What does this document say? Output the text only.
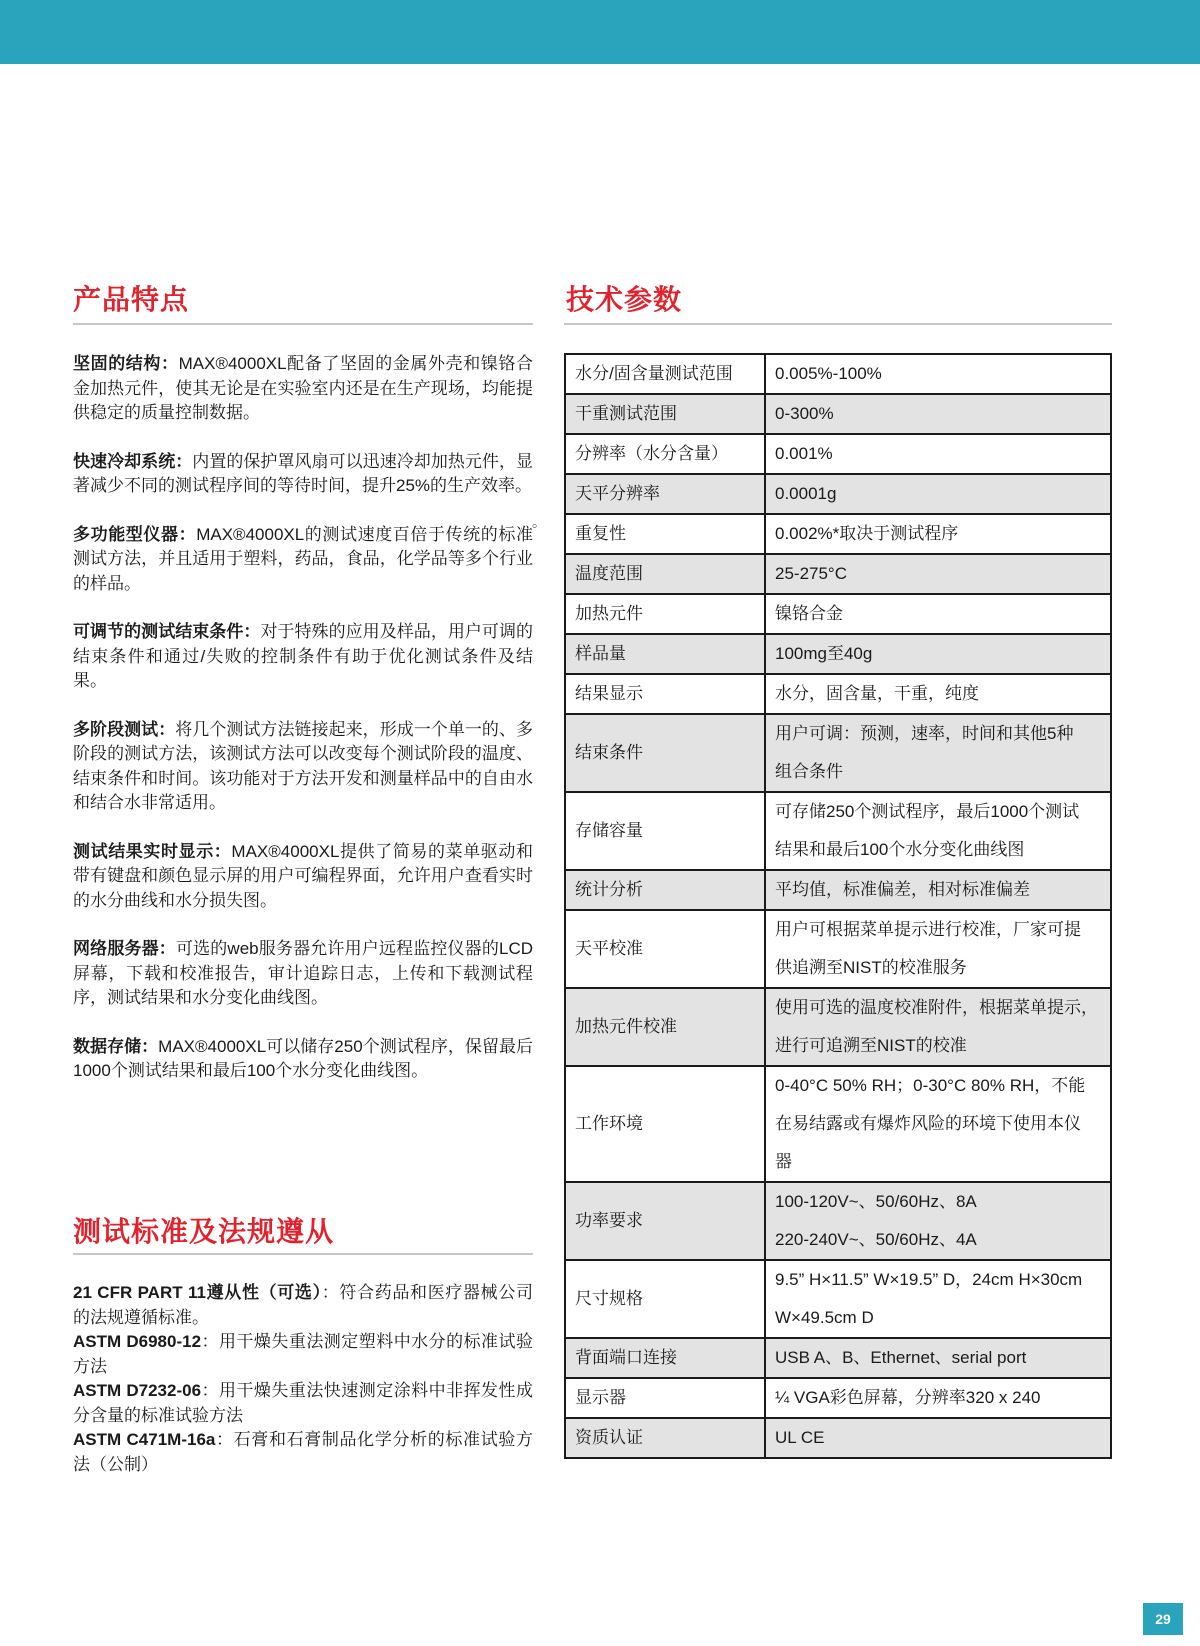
产品特点
坚固的结构：MAX®4000XL配备了坚固的金属外壳和镍铬合金加热元件，使其无论是在实验室内还是在生产现场，均能提供稳定的质量控制数据。
快速冷却系统：内置的保护罩风扇可以迅速冷却加热元件，显著减少不同的测试程序间的等待时间，提升25%的生产效率。
多功能型仪器：MAX®4000XL的测试速度百倍于传统的标准测试方法，并且适用于塑料，药品，食品，化学品等多个行业的样品。
可调节的测试结束条件：对于特殊的应用及样品，用户可调的结束条件和通过/失败的控制条件有助于优化测试条件及结果。
多阶段测试：将几个测试方法链接起来，形成一个单一的、多阶段的测试方法，该测试方法可以改变每个测试阶段的温度、结束条件和时间。该功能对于方法开发和测量样品中的自由水和结合水非常适用。
测试结果实时显示：MAX®4000XL提供了简易的菜单驱动和带有键盘和颜色显示屏的用户可编程界面，允许用户查看实时的水分曲线和水分损失图。
网络服务器：可选的web服务器允许用户远程监控仪器的LCD屏幕，下载和校准报告，审计追踪日志，上传和下载测试程序，测试结果和水分变化曲线图。
数据存储：MAX®4000XL可以储存250个测试程序，保留最后1000个测试结果和最后100个水分变化曲线图。
。
测试标准及法规遵从
21 CFR PART 11遵从性（可选）：符合药品和医疗器械公司的法规遵循标准。
ASTM D6980-12：用干燥失重法测定塑料中水分的标准试验方法
ASTM D7232-06：用干燥失重法快速测定涂料中非挥发性成分含量的标准试验方法
ASTM C471M-16a：石膏和石膏制品化学分析的标准试验方法（公制）
技术参数
水分/固含量测试范围	0.005%-100%
干重测试范围	0-300%
分辨率（水分含量）	0.001%
天平分辨率	0.0001g
重复性	0.002%*取决于测试程序
温度范围	25-275°C
加热元件	镍铬合金
样品量	100mg至40g
结果显示	水分，固含量，干重，纯度
结束条件	用户可调：预测，速率，时间和其他5种
组合条件
存储容量	可存储250个测试程序，最后1000个测试
结果和最后100个水分变化曲线图
统计分析	平均值，标准偏差，相对标准偏差
天平校准	用户可根据菜单提示进行校准，厂家可提
供追溯至NIST的校准服务
加热元件校准	使用可选的温度校准附件，根据菜单提示，
进行可追溯至NIST的校准
工作环境	0-40°C 50% RH；0-30°C 80% RH，不能
在易结露或有爆炸风险的环境下使用本仪
器
功率要求	100-120V~、50/60Hz、8A
220-240V~、50/60Hz、4A
尺寸规格	9.5” H×11.5” W×19.5” D，24cm H×30cm
W×49.5cm D
背面端口连接	USB A、B、Ethernet、serial port
显示器	¼ VGA彩色屏幕，分辨率320 x 240
资质认证	UL CE
29
